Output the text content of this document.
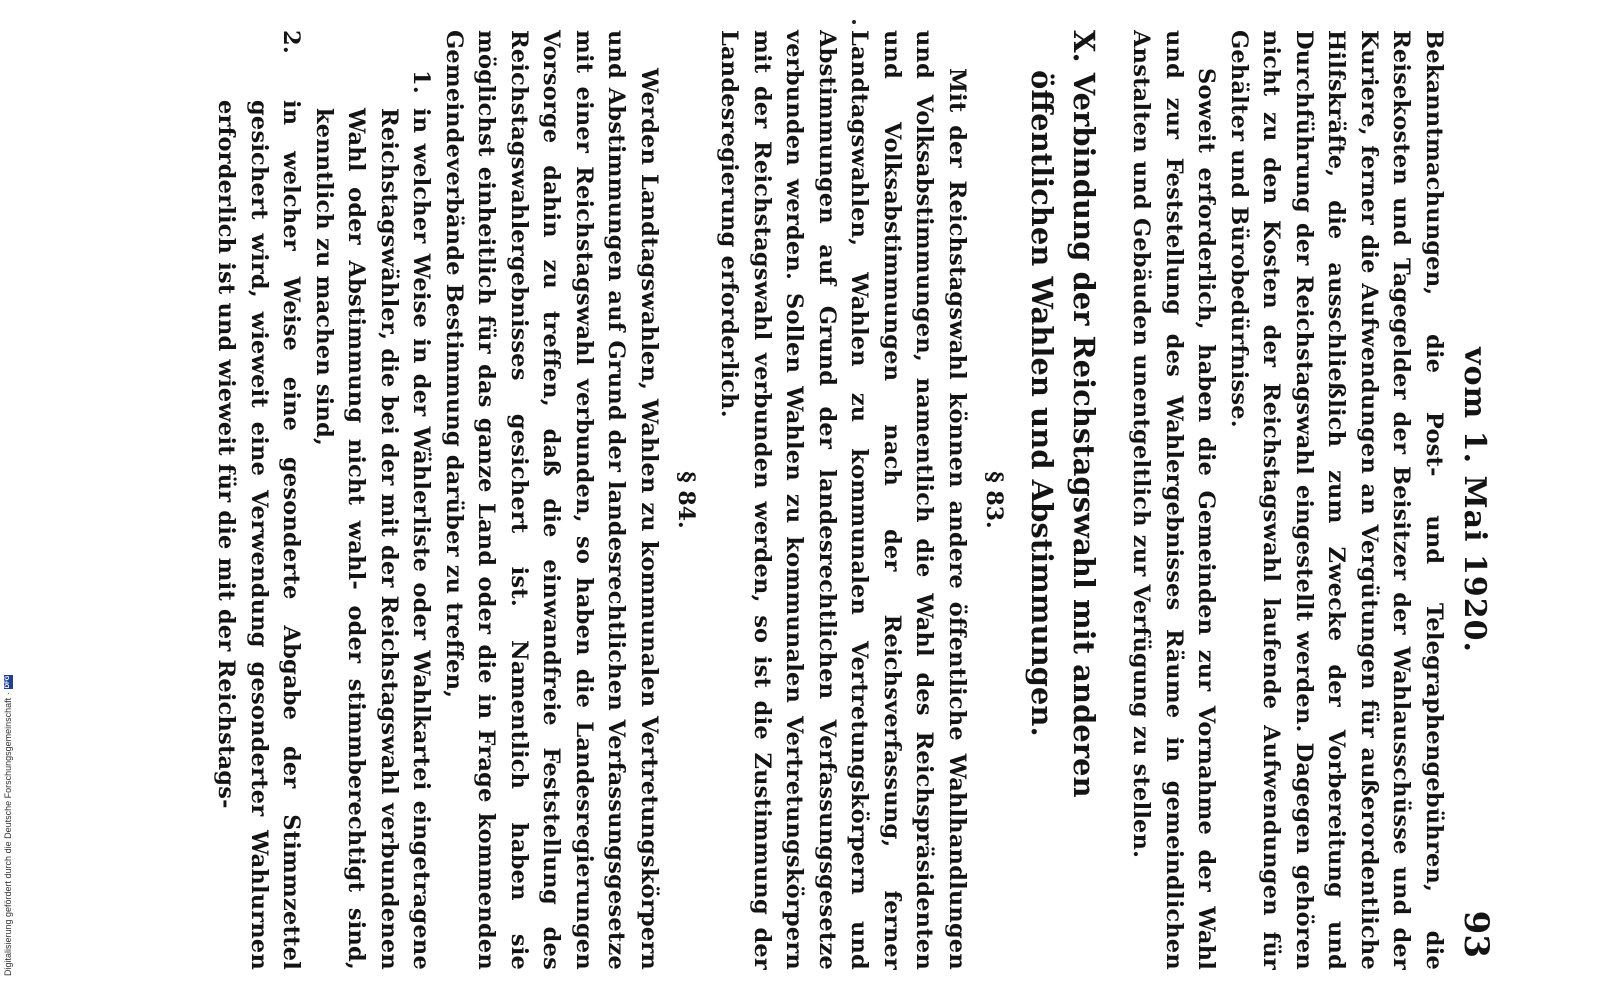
vom 1. Mai 1920.
93

Bekanntmachungen, die Post- und Telegraphengebühren, die Reisekosten und Tagegelder der Beisitzer der Wahlausschüsse und der Kuriere, ferner die Aufwendungen an Vergütungen für außerordentliche Hilfskräfte, die ausschließlich zum Zwecke der Vorbereitung und Durchführung der Reichstagswahl eingestellt werden. Dagegen gehören nicht zu den Kosten der Reichstagswahl laufende Aufwendungen für Gehälter und Bürobedürfnisse.

Soweit erforderlich, haben die Gemeinden zur Vornahme der Wahl und zur Feststellung des Wahlergebnisses Räume in gemeindlichen Anstalten und Gebäuden unentgeltlich zur Verfügung zu stellen.

X. Verbindung der Reichstagswahl mit anderen öffentlichen Wahlen und Abstimmungen.
§ 83.

Mit der Reichstagswahl können andere öffentliche Wahlhandlungen und Volksabstimmungen, namentlich die Wahl des Reichspräsidenten und Volksabstimmungen nach der Reichsverfassung, ferner Landtagswahlen, Wahlen zu kommunalen Vertretungskörpern und Abstimmungen auf Grund der landesrechtlichen Verfassungsgesetze verbunden werden. Sollen Wahlen zu kommunalen Vertretungskörpern mit der Reichstagswahl verbunden werden, so ist die Zustimmung der Landesregierung erforderlich.

§ 84.

Werden Landtagswahlen, Wahlen zu kommunalen Vertretungskörpern und Abstimmungen auf Grund der landesrechtlichen Verfassungsgesetze mit einer Reichstagswahl verbunden, so haben die Landesregierungen Vorsorge dahin zu treffen, daß die einwandfreie Feststellung des Reichstagswahlergebnisses gesichert ist. Namentlich haben sie möglichst einheitlich für das ganze Land oder die in Frage kommenden Gemeindeverbände Bestimmung darüber zu treffen,

1.
in welcher Weise in der Wählerliste oder Wahlkartei eingetragene Reichstagswähler, die bei der mit der Reichstagswahl verbundenen Wahl oder Abstimmung nicht wahl- oder stimmberechtigt sind, kenntlich zu machen sind,
2.
in welcher Weise eine gesonderte Abgabe der Stimmzettel gesichert wird, wieweit eine Verwendung gesonderter Wahlurnen erforderlich ist und wieweit für die mit der Reichstags-
Digitalisierung gefördert durch die Deutsche Forschungsgemeinschaft
·
DFG
